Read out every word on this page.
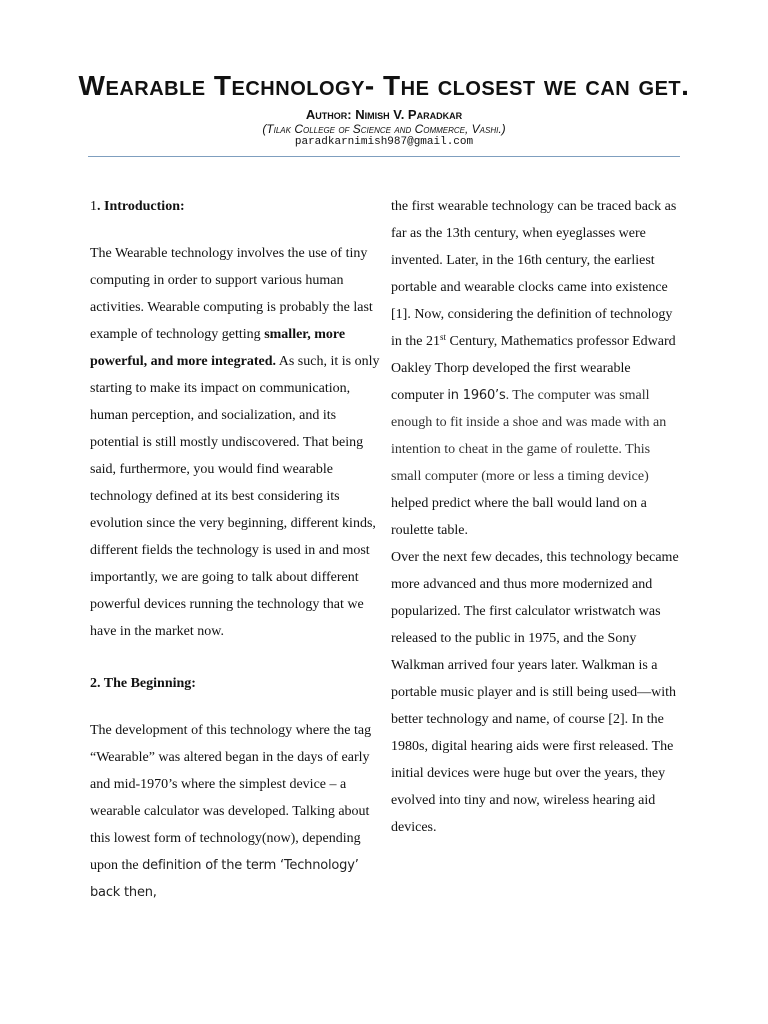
Wearable Technology- The closest we can get.
Author: Nimish V. Paradkar
(Tilak College of Science and Commerce, Vashi.)
paradkarnimish987@gmail.com

1. Introduction:

The Wearable technology involves the use of tiny computing in order to support various human activities. Wearable computing is probably the last example of technology getting smaller, more powerful, and more integrated. As such, it is only starting to make its impact on communication, human perception, and socialization, and its potential is still mostly undiscovered. That being said, furthermore, you would find wearable technology defined at its best considering its evolution since the very beginning, different kinds, different fields the technology is used in and most importantly, we are going to talk about different powerful devices running the technology that we have in the market now.

2. The Beginning:

The development of this technology where the tag “Wearable” was altered began in the days of early and mid-1970’s where the simplest device – a wearable calculator was developed. Talking about this lowest form of technology(now), depending upon the definition of the term ‘Technology’ back then,

the first wearable technology can be traced back as far as the 13th century, when eyeglasses were invented. Later, in the 16th century, the earliest portable and wearable clocks came into existence [1]. Now, considering the definition of technology in the 21st Century, Mathematics professor Edward Oakley Thorp developed the first wearable computer in 1960’s. The computer was small enough to fit inside a shoe and was made with an intention to cheat in the game of roulette. This small computer (more or less a timing device) helped predict where the ball would land on a roulette table.

Over the next few decades, this technology became more advanced and thus more modernized and popularized. The first calculator wristwatch was released to the public in 1975, and the Sony Walkman arrived four years later. Walkman is a portable music player and is still being used—with better technology and name, of course [2]. In the 1980s, digital hearing aids were first released. The initial devices were huge but over the years, they evolved into tiny and now, wireless hearing aid devices.
